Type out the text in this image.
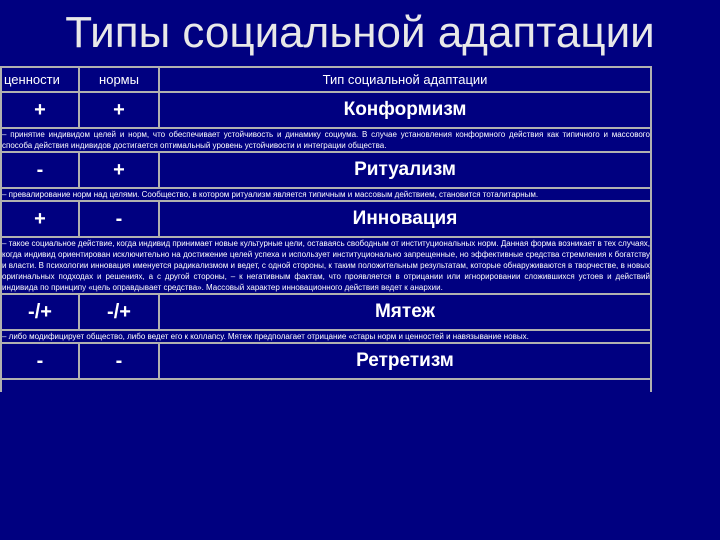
Типы социальной адаптации
ценности	нормы	Тип социальной адаптации
+	+	Конформизм
– принятие индивидом целей и норм, что обеспечивает устойчивость и динамику социума. В случае установления конформного действия как типичного и массового способа действия индивидов достигается оптимальный уровень устойчивости и интеграции общества.		
-	+	Ритуализм
– превалирование норм над целями. Сообщество, в котором ритуализм является типичным и массовым действием, становится тоталитарным.		
+	-	Инновация
– такое социальное действие, когда индивид принимает новые культурные цели, оставаясь свободным от институциональных норм. Данная форма возникает в тех случаях, когда индивид ориентирован исключительно на достижение целей успеха и использует институционально запрещенные, но эффективные средства стремления к богатству и власти. В психологии инновация именуется радикализмом и ведет, с одной стороны, к таким положительным результатам, которые обнаруживаются в творчестве, в новых оригинальных подходах и решениях, а с другой стороны, – к негативным фактам, что проявляется в отрицании или игнорировании сложившихся устоев и действий индивида по принципу «цель оправдывает средства». Массовый характер инновационного действия ведет к анархии.		
-/+	-/+	Мятеж
– либо модифицирует общество, либо ведет его к коллапсу. Мятеж предполагает отрицание «стары норм и ценностей и навязывание новых.		
-	-	Ретретизм
